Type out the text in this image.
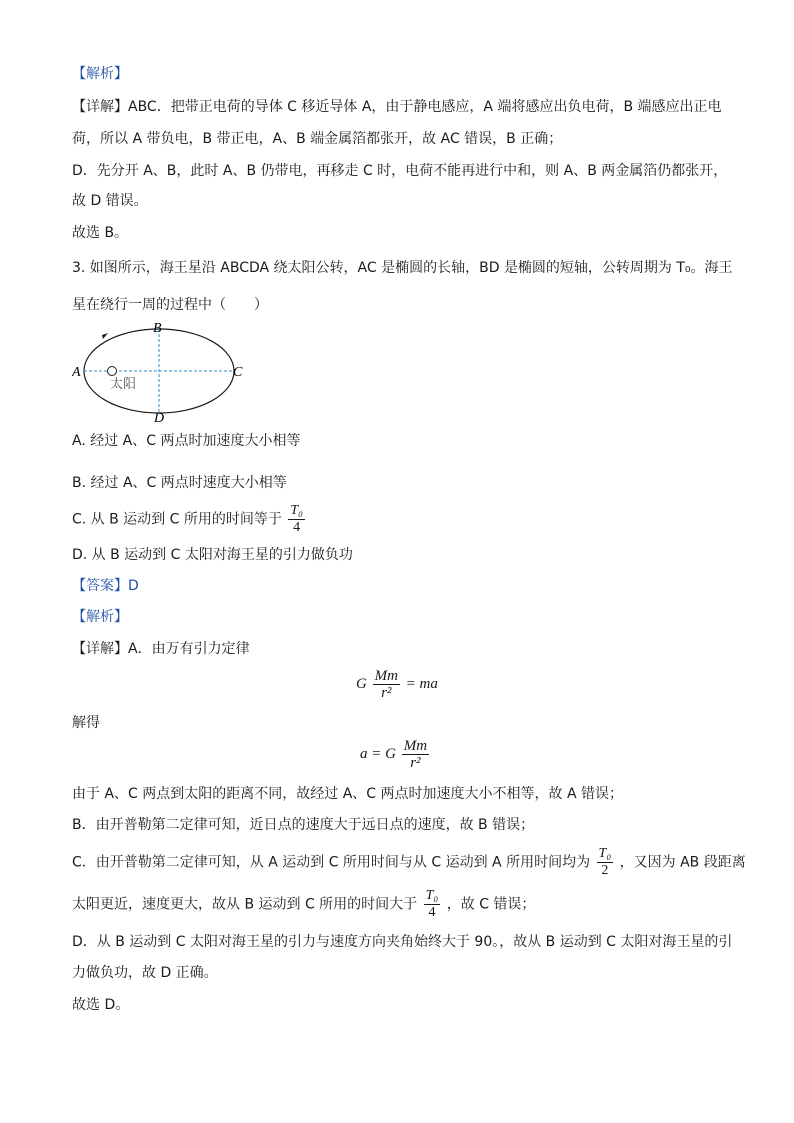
【解析】
【详解】ABC．把带正电荷的导体 C 移近导体 A，由于静电感应，A 端将感应出负电荷，B 端感应出正电
荷，所以 A 带负电，B 带正电，A、B 端金属箔都张开，故 AC 错误，B 正确；
D．先分开 A、B，此时 A、B 仍带电，再移走 C 时，电荷不能再进行中和，则 A、B 两金属箔仍都张开，
故 D 错误。
故选 B。
3. 如图所示，海王星沿 ABCDA 绕太阳公转，AC 是椭圆的长轴，BD 是椭圆的短轴，公转周期为 T₀。海王
星在绕行一周的过程中（　　）
A
B
C
D
太阳
A. 经过 A、C 两点时加速度大小相等
B. 经过 A、C 两点时速度大小相等
C. 从 B 运动到 C 所用的时间等于 $\frac{\text{T₀}}{4}$
D. 从 B 运动到 C 太阳对海王星的引力做负功
【答案】D
【解析】
【详解】A．由万有引力定律
G $\frac{Mm}{\text{r²}}$ = ma
解得
a = G $\frac{Mm}{\text{r²}}$
由于 A、C 两点到太阳的距离不同，故经过 A、C 两点时加速度大小不相等，故 A 错误；
B．由开普勒第二定律可知，近日点的速度大于远日点的速度，故 B 错误；
C．由开普勒第二定律可知，从 A 运动到 C 所用时间与从 C 运动到 A 所用时间均为 $\frac{\text{T₀}}{2}$ ，又因为 AB 段距离
太阳更近，速度更大，故从 B 运动到 C 所用的时间大于 $\frac{\text{T₀}}{4}$ ，故 C 错误；
D．从 B 运动到 C 太阳对海王星的引力与速度方向夹角始终大于 90。，故从 B 运动到 C 太阳对海王星的引
力做负功，故 D 正确。
故选 D。
